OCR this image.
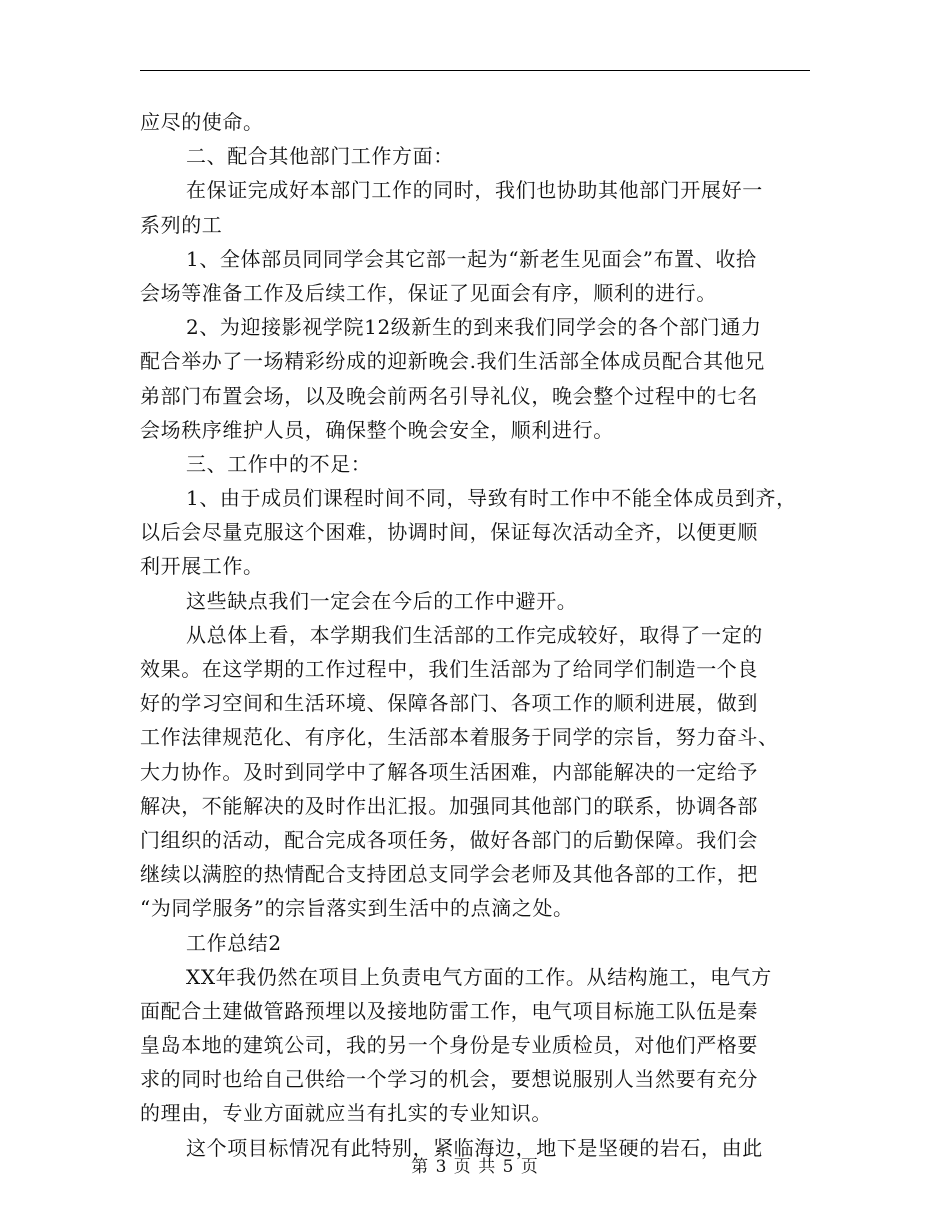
应尽的使命。
二、配合其他部门工作方面：
在保证完成好本部门工作的同时，我们也协助其他部门开展好一
系列的工
1、全体部员同同学会其它部一起为“新老生见面会”布置、收拾
会场等准备工作及后续工作，保证了见面会有序，顺利的进行。
2、为迎接影视学院12级新生的到来我们同学会的各个部门通力
配合举办了一场精彩纷成的迎新晚会.我们生活部全体成员配合其他兄
弟部门布置会场，以及晚会前两名引导礼仪，晚会整个过程中的七名
会场秩序维护人员，确保整个晚会安全，顺利进行。
三、工作中的不足：
1、由于成员们课程时间不同，导致有时工作中不能全体成员到齐，
以后会尽量克服这个困难，协调时间，保证每次活动全齐，以便更顺
利开展工作。
这些缺点我们一定会在今后的工作中避开。
从总体上看，本学期我们生活部的工作完成较好，取得了一定的
效果。在这学期的工作过程中，我们生活部为了给同学们制造一个良
好的学习空间和生活环境、保障各部门、各项工作的顺利进展，做到
工作法律规范化、有序化，生活部本着服务于同学的宗旨，努力奋斗、
大力协作。及时到同学中了解各项生活困难，内部能解决的一定给予
解决，不能解决的及时作出汇报。加强同其他部门的联系，协调各部
门组织的活动，配合完成各项任务，做好各部门的后勤保障。我们会
继续以满腔的热情配合支持团总支同学会老师及其他各部的工作，把
“为同学服务”的宗旨落实到生活中的点滴之处。
工作总结2
XX年我仍然在项目上负责电气方面的工作。从结构施工，电气方
面配合土建做管路预埋以及接地防雷工作，电气项目标施工队伍是秦
皇岛本地的建筑公司，我的另一个身份是专业质检员，对他们严格要
求的同时也给自己供给一个学习的机会，要想说服别人当然要有充分
的理由，专业方面就应当有扎实的专业知识。
这个项目标情况有此特别，紧临海边，地下是坚硬的岩石，由此
第 3 页 共 5 页
